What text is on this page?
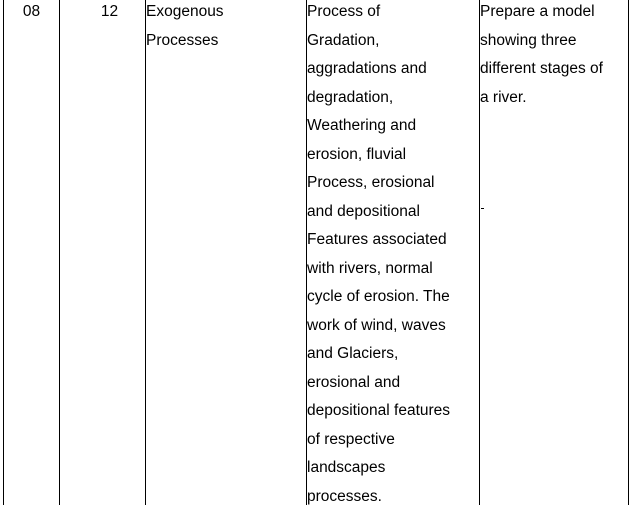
08	12	Exogenous
Processes
Process of
Gradation,
aggradations and
degradation,
Weathering and
erosion, fluvial
Process, erosional
and depositional
Features associated
with rivers, normal
cycle of erosion. The
work of wind, waves
and Glaciers,
erosional and
depositional features
of respective
landscapes
processes.
Prepare a model
showing three
different stages of
a river.
